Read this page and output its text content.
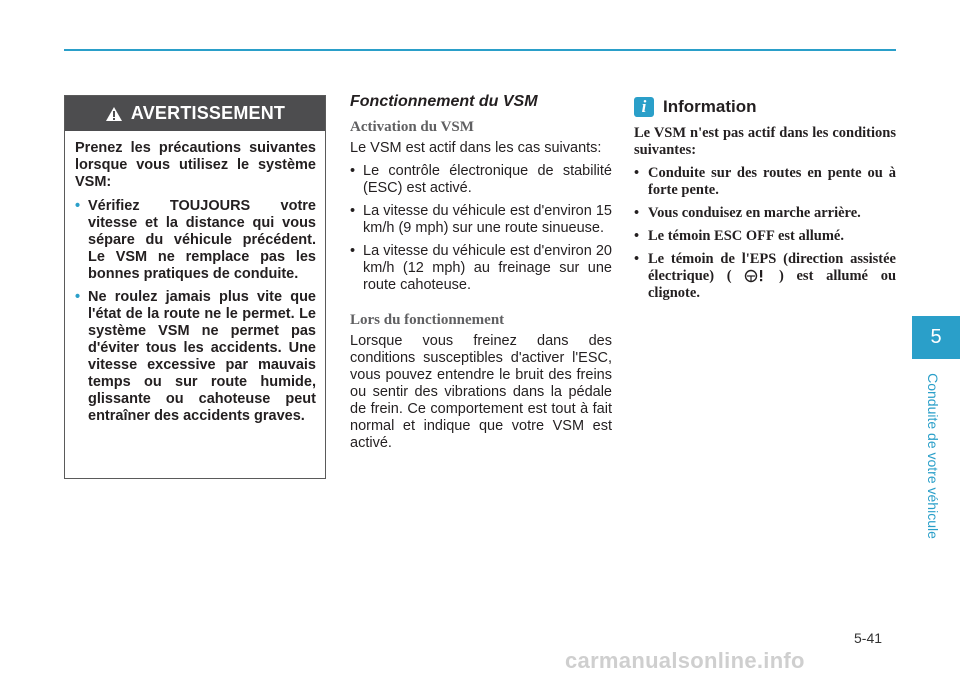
AVERTISSEMENT

Prenez les précautions suivantes lorsque vous utilisez le système VSM:

• Vérifiez TOUJOURS votre vitesse et la distance qui vous sépare du véhicule précédent. Le VSM ne remplace pas les bonnes pratiques de conduite.
• Ne roulez jamais plus vite que l'état de la route ne le permet. Le système VSM ne permet pas d'éviter tous les accidents. Une vitesse excessive par mauvais temps ou sur route humide, glissante ou cahoteuse peut entraîner des accidents graves.
Fonctionnement du VSM
Activation du VSM

Le VSM est actif dans les cas suivants:

• Le contrôle électronique de stabilité (ESC) est activé.
• La vitesse du véhicule est d'environ 15 km/h (9 mph) sur une route sinueuse.
• La vitesse du véhicule est d'environ 20 km/h (12 mph) au freinage sur une route cahoteuse.
Lors du fonctionnement

Lorsque vous freinez dans des conditions susceptibles d'activer l'ESC, vous pouvez entendre le bruit des freins ou sentir des vibrations dans la pédale de frein. Ce comportement est tout à fait normal et indique que votre VSM est activé.

i Information

Le VSM n'est pas actif dans les conditions suivantes:

• Conduite sur des routes en pente ou à forte pente.
• Vous conduisez en marche arrière.
• Le témoin ESC OFF est allumé.
• Le témoin de l'EPS (direction assistée électrique) (	) est allumé ou clignote.
5
Conduite de votre véhicule
5-41
carmanualsonline.info
